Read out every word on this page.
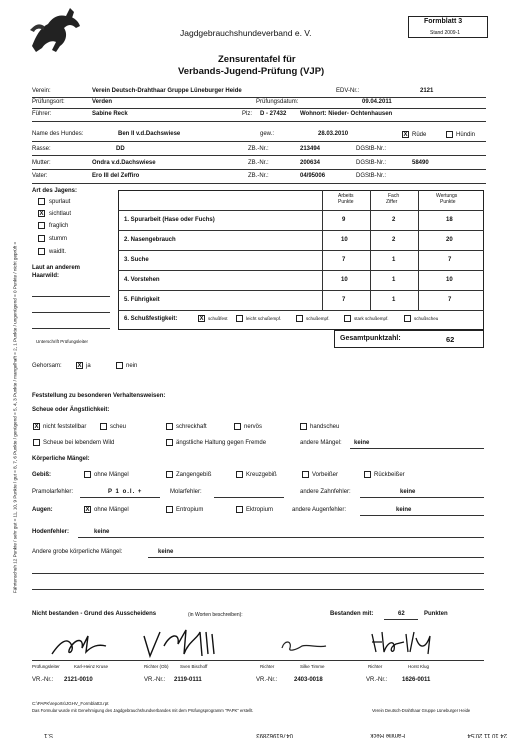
Jagdgebrauchshundeverband e. V.
Formblatt 3
Stand 2009-1
Zensurentafel für
Verbands-Jugend-Prüfung (VJP)
Fährtenschuh 12 Punkte / sehr gut = 11, 10, 9 Punkte / gut = 8, 7, 6 Punkte / genügend = 5, 4, 3 Punkte / mangelhaft = 2, 1 Punkte / ungenügend = 0 Punkte / nicht geprüft =
Verein:	Verein Deutsch-Drahthaar Gruppe Lüneburger Heide	EDV-Nr.:	2121
Prüfungsort:	Verden	Prüfungsdatum:	09.04.2011
Führer:	Sabine Reck	Plz: D - 27432 Wohnort: Nieder- Ochtenhausen
Name des Hundes:	Ben II v.d.Dachswiese	gew.:	28.03.2010	X Rüde	Hündin
Rasse:	DD	ZB.-Nr.:	213494	DGStB-Nr.:
Mutter:	Ondra v.d.Dachswiese	ZB.-Nr.:	200634	DGStB-Nr.:	58490
Vater:	Ero III del Zeffiro	ZB.-Nr.:	04/95006	DGStB-Nr.:
Art des Jagens:
spurlaut
X sichtlaut
fraglich
stumm
waidlt.
Laut an anderem
Haarwild:
Unterschrift Prüfungsleiter
Arbeits
Punkte
Fach
Ziffer
Wertungs
Punkte
1. Spurarbeit (Hase oder Fuchs)	9	2	18
2. Nasengebrauch	10	2	20
3. Suche	7	1	7
4. Vorstehen	10	1	10
5. Führigkeit	7	1	7
6. Schußfestigkeit:	X	schußfest	leicht schußempf.	schußempf.	stark schußempf.	schußscheu
Gesamtpunktzahl:	62
Gehorsam:	X ja	nein
Feststellung zu besonderen Verhaltensweisen:
Scheue oder Ängstlichkeit:
X nicht feststellbar	scheu	schreckhaft	nervös	handscheu
Scheue bei lebendem Wild	ängstliche Haltung gegen Fremde	andere Mängel: keine
Körperliche Mängel:
Gebiß:	ohne Mängel	Zangengebiß	Kreuzgebiß	Vorbeißer	Rückbeißer
Pramolarfehler:	P 1 o.l. +	Molarfehler:	andere Zahnfehler:	keine
Augen:	X ohne Mängel	Entropium	Ektropium	andere Augenfehler:	keine
Hodenfehler:	keine
Andere grobe körperliche Mängel:	keine
Nicht bestanden - Grund des Ausscheidens	(in Worten beschreiben):	Bestanden mit:	62	Punkten
Prüfungsleiter	Karl-Heinz Kruse	Richter (Ob)	Sven Bischoff	Richter	Silke Timme	Richter	Horst Klug
VR.-Nr.: 2121-0010	VR.-Nr.: 2119-0111	VR.-Nr.:	2403-0018	VR.-Nr.: 1626-0011
C:\PAPK\reports\JGHV_Formblatt3.rpt
Das Formular wurde mit Genehmigung des Jagdgebrauchshundverbandes mit dem Prüfungsprogramm "PAPK" erstellt.	Verein Deutsch-Drahthaar Gruppe Lüneburger Heide
24 10 11 20:54
Familie Reck
04761962893
S.1
